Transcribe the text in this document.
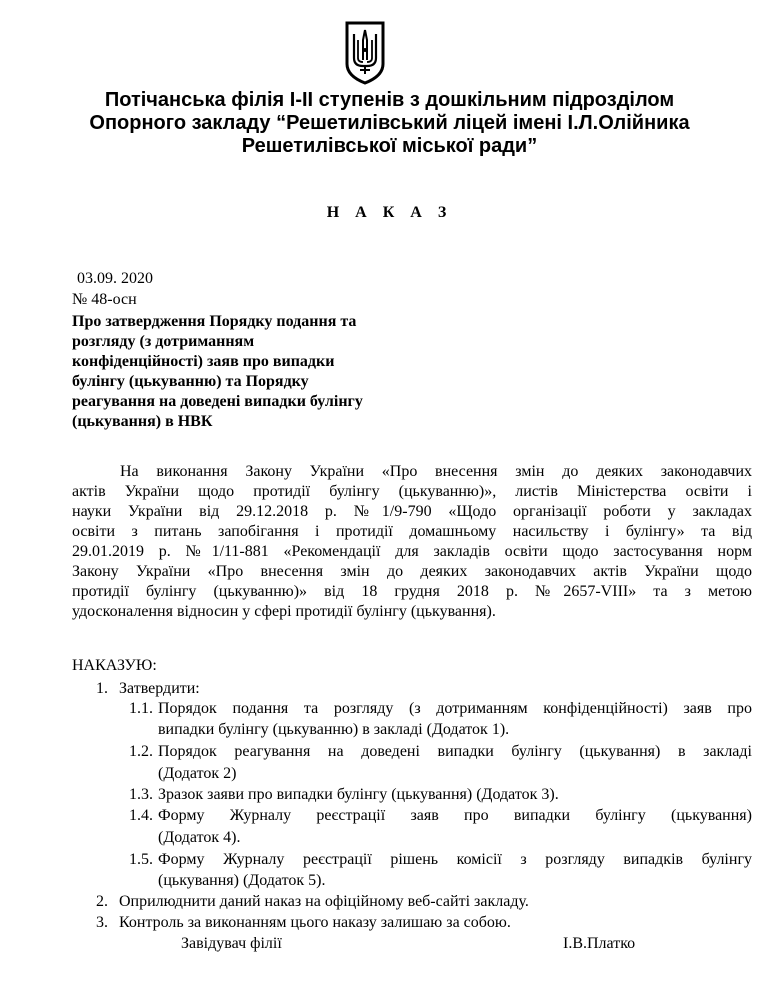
Потічанська філія І-ІІ ступенів з дошкільним підрозділом
Опорного закладу “Решетилівський ліцей імені І.Л.Олійника
Решетилівської міської ради”
Н А К А З
03.09. 2020
№ 48-осн
Про затвердження Порядку подання та
розгляду (з дотриманням
конфіденційності) заяв про випадки
булінгу (цькуванню) та Порядку
реагування на доведені випадки булінгу
(цькування) в НВК
На виконання Закону України «Про внесення змін до деяких законодавчих
актів України щодо протидії булінгу (цькуванню)», листів Міністерства освіти і
науки України від 29.12.2018 р. №1/9-790 «Щодо організації роботи у закладах
освіти з питань запобігання і протидії домашньому насильству і булінгу» та від
29.01.2019 р. №1/11-881 «Рекомендації для закладів освіти щодо застосування норм
Закону України «Про внесення змін до деяких законодавчих актів України щодо
протидії булінгу (цькуванню)» від 18 грудня 2018 р. №2657-VIII» та з метою
удосконалення відносин у сфері протидії булінгу (цькування).
НАКАЗУЮ:
1. Затвердити:
1.1. Порядок подання та розгляду (з дотриманням конфіденційності) заяв про
випадки булінгу (цькуванню) в закладі (Додаток 1).
1.2. Порядок реагування на доведені випадки булінгу (цькування) в закладі
(Додаток 2)
1.3. Зразок заяви про випадки булінгу (цькування) (Додаток 3).
1.4. Форму Журналу реєстрації заяв про випадки булінгу (цькування)
(Додаток 4).
1.5. Форму Журналу реєстрації рішень комісії з розгляду випадків булінгу
(цькування) (Додаток 5).
2. Оприлюднити даний наказ на офіційному веб-сайті закладу.
3. Контроль за виконанням цього наказу залишаю за собою.
Завідувач філії	І.В.Платко
